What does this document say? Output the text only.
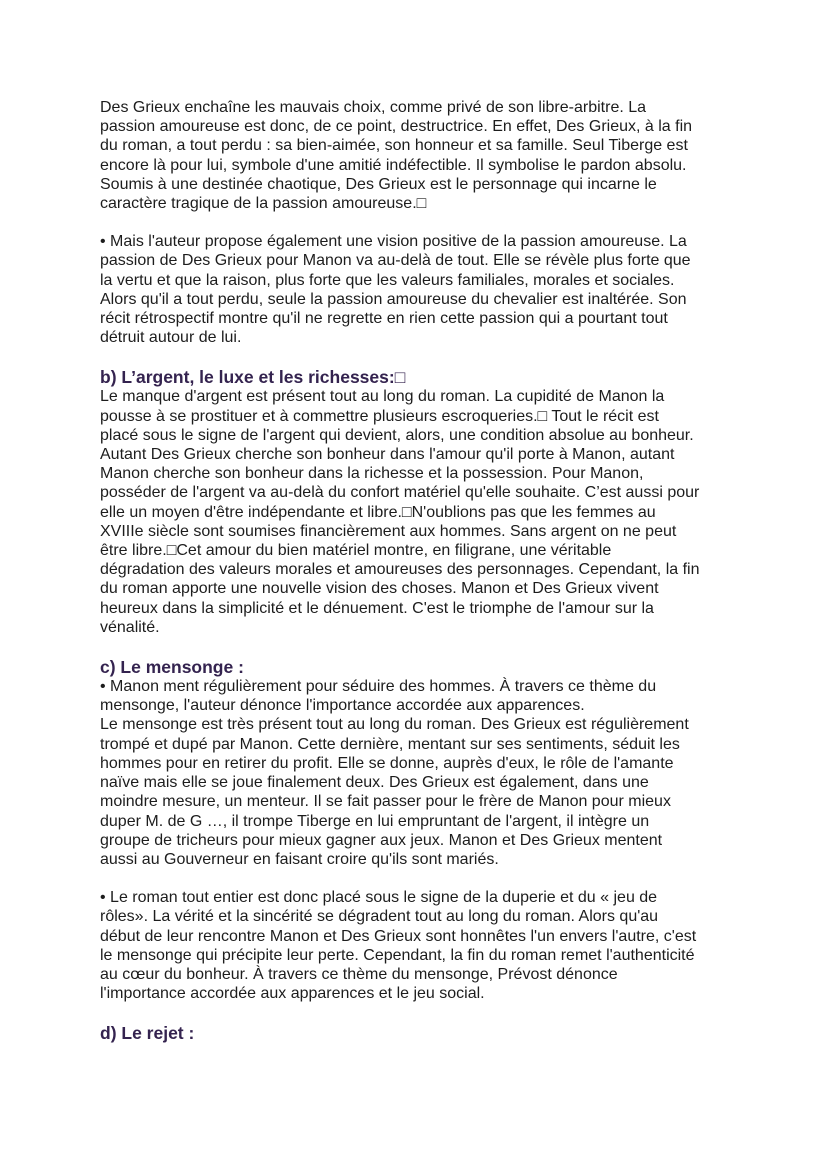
Des Grieux enchaîne les mauvais choix, comme privé de son libre-arbitre. La
passion amoureuse est donc, de ce point, destructrice. En effet, Des Grieux, à la fin
du roman, a tout perdu : sa bien-aimée, son honneur et sa famille. Seul Tiberge est
encore là pour lui, symbole d'une amitié indéfectible. Il symbolise le pardon absolu.
Soumis à une destinée chaotique, Des Grieux est le personnage qui incarne le
caractère tragique de la passion amoureuse.□

• Mais l'auteur propose également une vision positive de la passion amoureuse. La
passion de Des Grieux pour Manon va au-delà de tout. Elle se révèle plus forte que
la vertu et que la raison, plus forte que les valeurs familiales, morales et sociales.
Alors qu'il a tout perdu, seule la passion amoureuse du chevalier est inaltérée. Son
récit rétrospectif montre qu'il ne regrette en rien cette passion qui a pourtant tout
détruit autour de lui.

b) L’argent, le luxe et les richesses:□

Le manque d'argent est présent tout au long du roman. La cupidité de Manon la
pousse à se prostituer et à commettre plusieurs escroqueries.□ Tout le récit est
placé sous le signe de l'argent qui devient, alors, une condition absolue au bonheur.
Autant Des Grieux cherche son bonheur dans l'amour qu'il porte à Manon, autant
Manon cherche son bonheur dans la richesse et la possession. Pour Manon,
posséder de l'argent va au-delà du confort matériel qu'elle souhaite. C’est aussi pour
elle un moyen d'être indépendante et libre.□N'oublions pas que les femmes au
XVIIIe siècle sont soumises financièrement aux hommes. Sans argent on ne peut
être libre.□Cet amour du bien matériel montre, en filigrane, une véritable
dégradation des valeurs morales et amoureuses des personnages. Cependant, la fin
du roman apporte une nouvelle vision des choses. Manon et Des Grieux vivent
heureux dans la simplicité et le dénuement. C'est le triomphe de l'amour sur la
vénalité.

c) Le mensonge :

• Manon ment régulièrement pour séduire des hommes. À travers ce thème du
mensonge, l'auteur dénonce l'importance accordée aux apparences.
Le mensonge est très présent tout au long du roman. Des Grieux est régulièrement
trompé et dupé par Manon. Cette dernière, mentant sur ses sentiments, séduit les
hommes pour en retirer du profit. Elle se donne, auprès d'eux, le rôle de l'amante
naïve mais elle se joue finalement deux. Des Grieux est également, dans une
moindre mesure, un menteur. Il se fait passer pour le frère de Manon pour mieux
duper M. de G …, il trompe Tiberge en lui empruntant de l'argent, il intègre un
groupe de tricheurs pour mieux gagner aux jeux. Manon et Des Grieux mentent
aussi au Gouverneur en faisant croire qu'ils sont mariés.

• Le roman tout entier est donc placé sous le signe de la duperie et du « jeu de
rôles». La vérité et la sincérité se dégradent tout au long du roman. Alors qu'au
début de leur rencontre Manon et Des Grieux sont honnêtes l'un envers l'autre, c'est
le mensonge qui précipite leur perte. Cependant, la fin du roman remet l'authenticité
au cœur du bonheur. À travers ce thème du mensonge, Prévost dénonce
l'importance accordée aux apparences et le jeu social.

d) Le rejet :
